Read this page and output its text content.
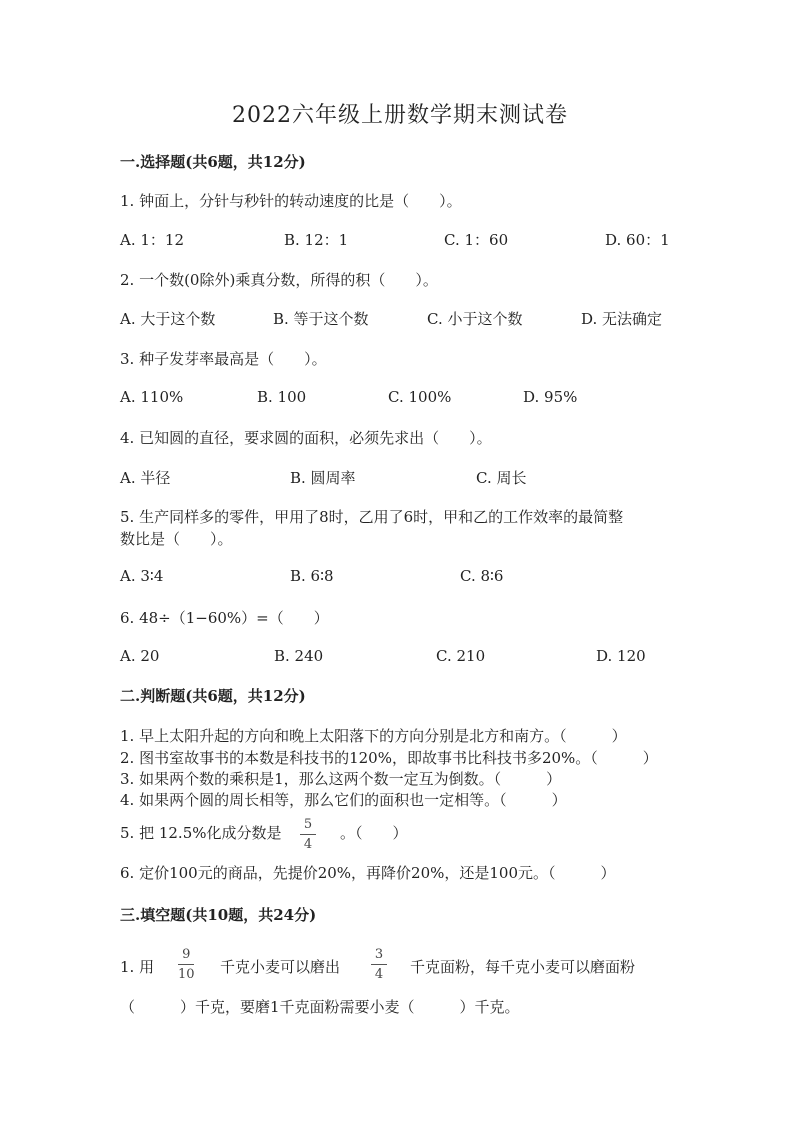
2022六年级上册数学期末测试卷
一.选择题(共6题，共12分)
1. 钟面上，分针与秒针的转动速度的比是（　　）。
A. 1：12	B. 12：1	C. 1：60	D. 60：1
2. 一个数(0除外)乘真分数，所得的积（　　）。
A. 大于这个数	B. 等于这个数	C. 小于这个数	D. 无法确定
3. 种子发芽率最高是（　　）。
A. 110%	B. 100	C. 100%	D. 95%
4. 已知圆的直径，要求圆的面积，必须先求出（　　）。
A. 半径	B. 圆周率	C. 周长
5. 生产同样多的零件，甲用了8时，乙用了6时，甲和乙的工作效率的最简整
数比是（　　）。
A. 3∶4	B. 6∶8	C. 8∶6
6. 48÷（1−60%）=（　　）
A. 20	B. 240	C. 210	D. 120
二.判断题(共6题，共12分)
1. 早上太阳升起的方向和晚上太阳落下的方向分别是北方和南方。（　　　）
2. 图书室故事书的本数是科技书的120%，即故事书比科技书多20%。（　　　）
3. 如果两个数的乘积是1，那么这两个数一定互为倒数。（　　　）
4. 如果两个圆的周长相等，那么它们的面积也一定相等。（　　　）
5. 把 12.5%化成分数是 5
4
。（　　）
6. 定价100元的商品，先提价20%，再降价20%，还是100元。（　　　）
三.填空题(共10题，共24分)
1. 用
9
10 千克小麦可以磨出
3
4 千克面粉，每千克小麦可以磨面粉
（　　　）千克，要磨1千克面粉需要小麦（　　　）千克。
